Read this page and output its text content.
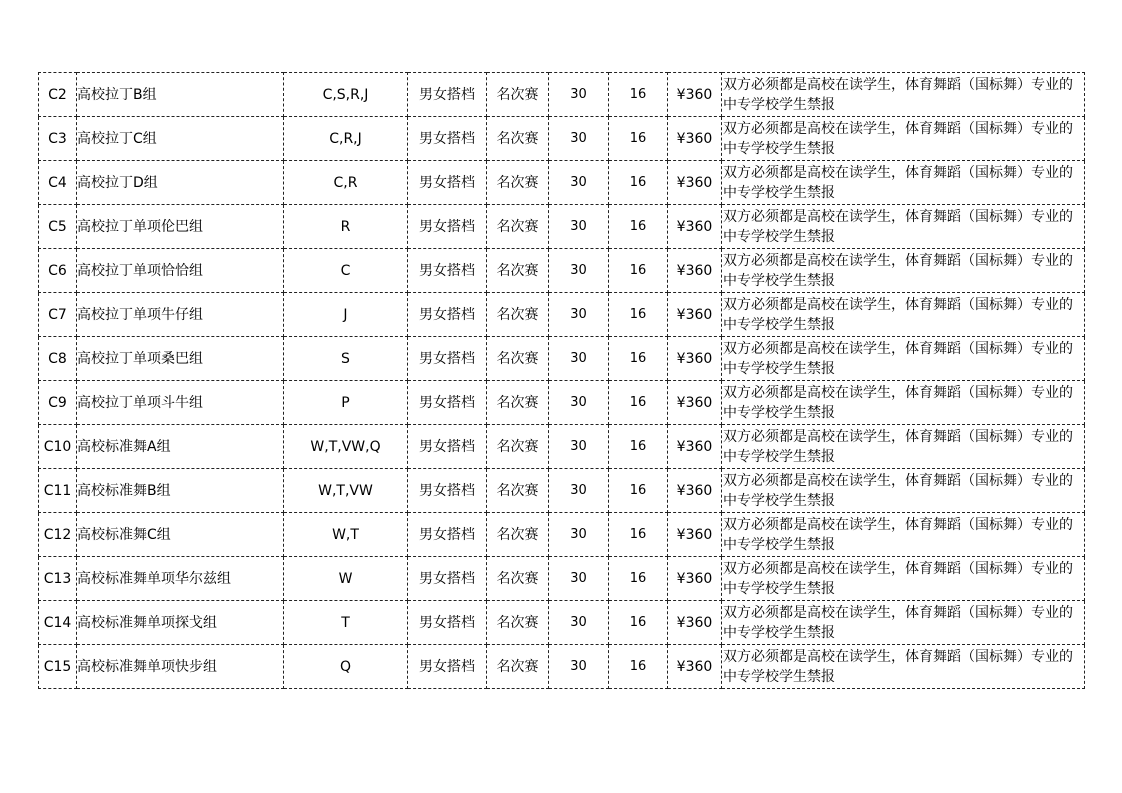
C2	高校拉丁B组	C,S,R,J	男女搭档	名次赛	30	16	¥360	双方必须都是高校在读学生，体育舞蹈（国标舞）专业的中专学校学生禁报
C3	高校拉丁C组	C,R,J	男女搭档	名次赛	30	16	¥360	双方必须都是高校在读学生，体育舞蹈（国标舞）专业的中专学校学生禁报
C4	高校拉丁D组	C,R	男女搭档	名次赛	30	16	¥360	双方必须都是高校在读学生，体育舞蹈（国标舞）专业的中专学校学生禁报
C5	高校拉丁单项伦巴组	R	男女搭档	名次赛	30	16	¥360	双方必须都是高校在读学生，体育舞蹈（国标舞）专业的中专学校学生禁报
C6	高校拉丁单项恰恰组	C	男女搭档	名次赛	30	16	¥360	双方必须都是高校在读学生，体育舞蹈（国标舞）专业的中专学校学生禁报
C7	高校拉丁单项牛仔组	J	男女搭档	名次赛	30	16	¥360	双方必须都是高校在读学生，体育舞蹈（国标舞）专业的中专学校学生禁报
C8	高校拉丁单项桑巴组	S	男女搭档	名次赛	30	16	¥360	双方必须都是高校在读学生，体育舞蹈（国标舞）专业的中专学校学生禁报
C9	高校拉丁单项斗牛组	P	男女搭档	名次赛	30	16	¥360	双方必须都是高校在读学生，体育舞蹈（国标舞）专业的中专学校学生禁报
C10	高校标准舞A组	W,T,VW,Q	男女搭档	名次赛	30	16	¥360	双方必须都是高校在读学生，体育舞蹈（国标舞）专业的中专学校学生禁报
C11	高校标准舞B组	W,T,VW	男女搭档	名次赛	30	16	¥360	双方必须都是高校在读学生，体育舞蹈（国标舞）专业的中专学校学生禁报
C12	高校标准舞C组	W,T	男女搭档	名次赛	30	16	¥360	双方必须都是高校在读学生，体育舞蹈（国标舞）专业的中专学校学生禁报
C13	高校标准舞单项华尔兹组	W	男女搭档	名次赛	30	16	¥360	双方必须都是高校在读学生，体育舞蹈（国标舞）专业的中专学校学生禁报
C14	高校标准舞单项探戈组	T	男女搭档	名次赛	30	16	¥360	双方必须都是高校在读学生，体育舞蹈（国标舞）专业的中专学校学生禁报
C15	高校标准舞单项快步组	Q	男女搭档	名次赛	30	16	¥360	双方必须都是高校在读学生，体育舞蹈（国标舞）专业的中专学校学生禁报
